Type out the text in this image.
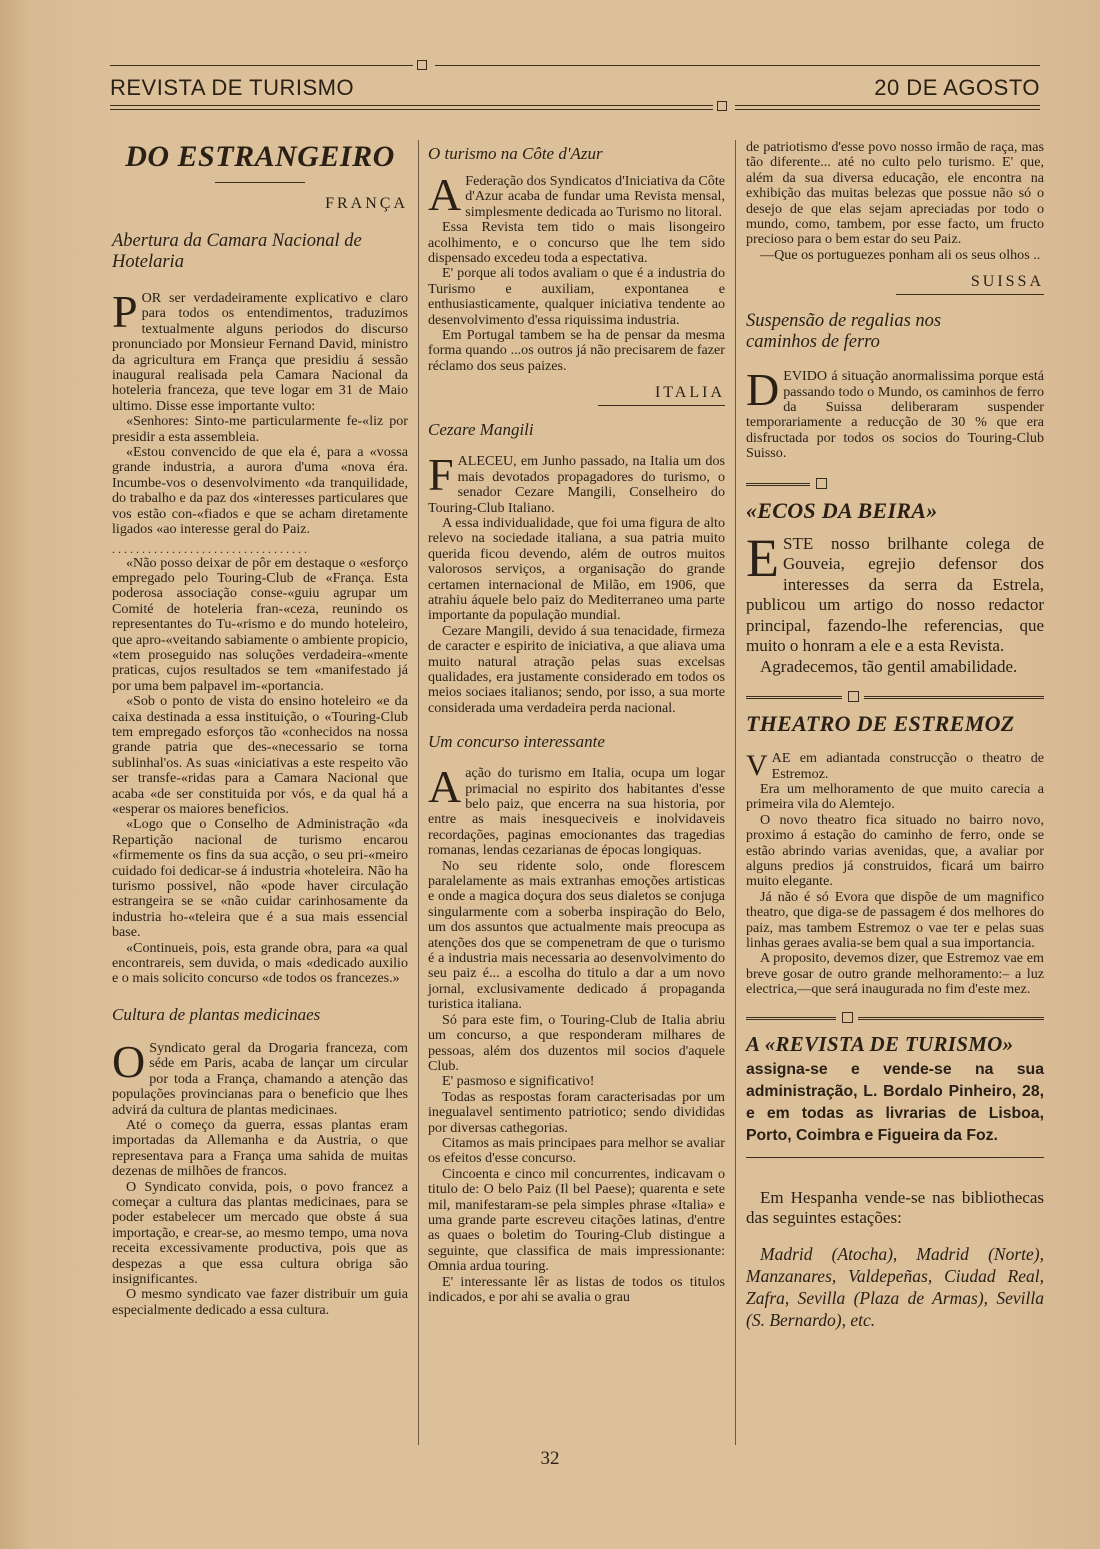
REVISTA DE TURISMO	20 DE AGOSTO
DO ESTRANGEIRO
FRANÇA
Abertura da Camara Nacional de Hotelaria

POR ser verdadeiramente explicativo e claro para todos os entendimentos, traduzimos textualmente alguns periodos do discurso pronunciado por Monsieur Fernand David, ministro da agricultura em França que presidiu á sessão inaugural realisada pela Camara Nacional da hoteleria franceza, que teve logar em 31 de Maio ultimo. Disse esse importante vulto:

«Senhores: Sinto-me particularmente fe-«liz por presidir a esta assembleia.

«Estou convencido de que ela é, para a «vossa grande industria, a aurora d'uma «nova éra. Incumbe-vos o desenvolvimento «da tranquilidade, do trabalho e da paz dos «interesses particulares que vos estão con-«fiados e que se acham diretamente ligados «ao interesse geral do Paiz.

.................................

«Não posso deixar de pôr em destaque o «esforço empregado pelo Touring-Club de «França. Esta poderosa associação conse-«guiu agrupar um Comité de hoteleria fran-«ceza, reunindo os representantes do Tu-«rismo e do mundo hoteleiro, que apro-«veitando sabiamente o ambiente propicio, «tem proseguido nas soluções verdadeira-«mente praticas, cujos resultados se tem «manifestado já por uma bem palpavel im-«portancia.

«Sob o ponto de vista do ensino hoteleiro «e da caixa destinada a essa instituição, o «Touring-Club tem empregado esforços tão «conhecidos na nossa grande patria que des-«necessario se torna sublinhal'os. As suas «iniciativas a este respeito vão ser transfe-«ridas para a Camara Nacional que acaba «de ser constituida por vós, e da qual há a «esperar os maiores beneficios.

«Logo que o Conselho de Administração «da Repartição nacional de turismo encarou «firmemente os fins da sua acção, o seu pri-«meiro cuidado foi dedicar-se á industria «hoteleira. Não ha turismo possivel, não «pode haver circulação estrangeira se se «não cuidar carinhosamente da industria ho-«teleira que é a sua mais essencial base.

«Continueis, pois, esta grande obra, para «a qual encontrareis, sem duvida, o mais «dedicado auxilio e o mais solicito concurso «de todos os francezes.»

Cultura de plantas medicinaes

O Syndicato geral da Drogaria franceza, com séde em Paris, acaba de lançar um circular por toda a França, chamando a atenção das populações provincianas para o beneficio que lhes advirá da cultura de plantas medicinaes.

Até o começo da guerra, essas plantas eram importadas da Allemanha e da Austria, o que representava para a França uma sahida de muitas dezenas de milhões de francos.

O Syndicato convida, pois, o povo francez a começar a cultura das plantas medicinaes, para se poder estabelecer um mercado que obste á sua importação, e crear-se, ao mesmo tempo, uma nova receita excessivamente productiva, pois que as despezas a que essa cultura obriga são insignificantes.

O mesmo syndicato vae fazer distribuir um guia especialmente dedicado a essa cultura.

O turismo na Côte d'Azur

A Federação dos Syndicatos d'Iniciativa da Côte d'Azur acaba de fundar uma Revista mensal, simplesmente dedicada ao Turismo no litoral.

Essa Revista tem tido o mais lisongeiro acolhimento, e o concurso que lhe tem sido dispensado excedeu toda a espectativa.

E' porque ali todos avaliam o que é a industria do Turismo e auxiliam, expontanea e enthusiasticamente, qualquer iniciativa tendente ao desenvolvimento d'essa riquissima industria.

Em Portugal tambem se ha de pensar da mesma forma quando ...os outros já não precisarem de fazer réclamo dos seus paizes.

ITALIA
Cezare Mangili

FALECEU, em Junho passado, na Italia um dos mais devotados propagadores do turismo, o senador Cezare Mangili, Conselheiro do Touring-Club Italiano.

A essa individualidade, que foi uma figura de alto relevo na sociedade italiana, a sua patria muito querida ficou devendo, além de outros muitos valorosos serviços, a organisação do grande certamen internacional de Milão, em 1906, que atrahiu áquele belo paiz do Mediterraneo uma parte importante da população mundial.

Cezare Mangili, devido á sua tenacidade, firmeza de caracter e espirito de iniciativa, a que aliava uma muito natural atração pelas suas excelsas qualidades, era justamente considerado em todos os meios sociaes italianos; sendo, por isso, a sua morte considerada uma verdadeira perda nacional.

Um concurso interessante

Aação do turismo em Italia, ocupa um logar primacial no espirito dos habitantes d'esse belo paiz, que encerra na sua historia, por entre as mais inesqueciveis e inolvidaveis recordações, paginas emocionantes das tragedias romanas, lendas cezarianas de épocas longiquas.

No seu ridente solo, onde florescem paralelamente as mais extranhas emoções artisticas e onde a magica doçura dos seus dialetos se conjuga singularmente com a soberba inspiração do Belo, um dos assuntos que actualmente mais preocupa as atenções dos que se compenetram de que o turismo é a industria mais necessaria ao desenvolvimento do seu paiz é... a escolha do titulo a dar a um novo jornal, exclusivamente dedicado á propaganda turistica italiana.

Só para este fim, o Touring-Club de Italia abriu um concurso, a que responderam milhares de pessoas, além dos duzentos mil socios d'aquele Club.

E' pasmoso e significativo!

Todas as respostas foram caracterisadas por um inegualavel sentimento patriotico; sendo divididas por diversas cathegorias.

Citamos as mais principaes para melhor se avaliar os efeitos d'esse concurso.

Cincoenta e cinco mil concurrentes, indicavam o titulo de: O belo Paiz (Il bel Paese); quarenta e sete mil, manifestaram-se pela simples phrase «Italia» e uma grande parte escreveu citações latinas, d'entre as quaes o boletim do Touring-Club distingue a seguinte, que classifica de mais impressionante: Omnia ardua touring.

E' interessante lêr as listas de todos os titulos indicados, e por ahi se avalia o grau

de patriotismo d'esse povo nosso irmão de raça, mas tão diferente... até no culto pelo turismo. E' que, além da sua diversa educação, ele encontra na exhibição das muitas belezas que possue não só o desejo de que elas sejam apreciadas por todo o mundo, como, tambem, por esse facto, um fructo precioso para o bem estar do seu Paiz.

—Que os portuguezes ponham ali os seus olhos ..

SUISSA
Suspensão de regalias nos caminhos de ferro

DEVIDO á situação anormalissima porque está passando todo o Mundo, os caminhos de ferro da Suissa deliberaram suspender temporariamente a reducção de 30 % que era disfructada por todos os socios do Touring-Club Suisso.

«ECOS DA BEIRA»

ESTE nosso brilhante colega de Gouveia, egrejio defensor dos interesses da serra da Estrela, publicou um artigo do nosso redactor principal, fazendo-lhe referencias, que muito o honram a ele e a esta Revista.

Agradecemos, tão gentil amabilidade.

THEATRO DE ESTREMOZ

VAE em adiantada construcção o theatro de Estremoz.

Era um melhoramento de que muito carecia a primeira vila do Alemtejo.

O novo theatro fica situado no bairro novo, proximo á estação do caminho de ferro, onde se estão abrindo varias avenidas, que, a avaliar por alguns predios já construidos, ficará um bairro muito elegante.

Já não é só Evora que dispõe de um magnifico theatro, que diga-se de passagem é dos melhores do paiz, mas tambem Estremoz o vae ter e pelas suas linhas geraes avalia-se bem qual a sua importancia.

A proposito, devemos dizer, que Estremoz vae em breve gosar de outro grande melhoramento:– a luz electrica,—que será inaugurada no fim d'este mez.

A «REVISTA DE TURISMO»

assigna-se e vende-se na sua administração, L. Bordalo Pinheiro, 28, e em todas as livrarias de Lisboa, Porto, Coimbra e Figueira da Foz.

Em Hespanha vende-se nas bibliothecas das seguintes estações:

Madrid (Atocha), Madrid (Norte), Manzanares, Valdepeñas, Ciudad Real, Zafra, Sevilla (Plaza de Armas), Sevilla (S. Bernardo), etc.

32
